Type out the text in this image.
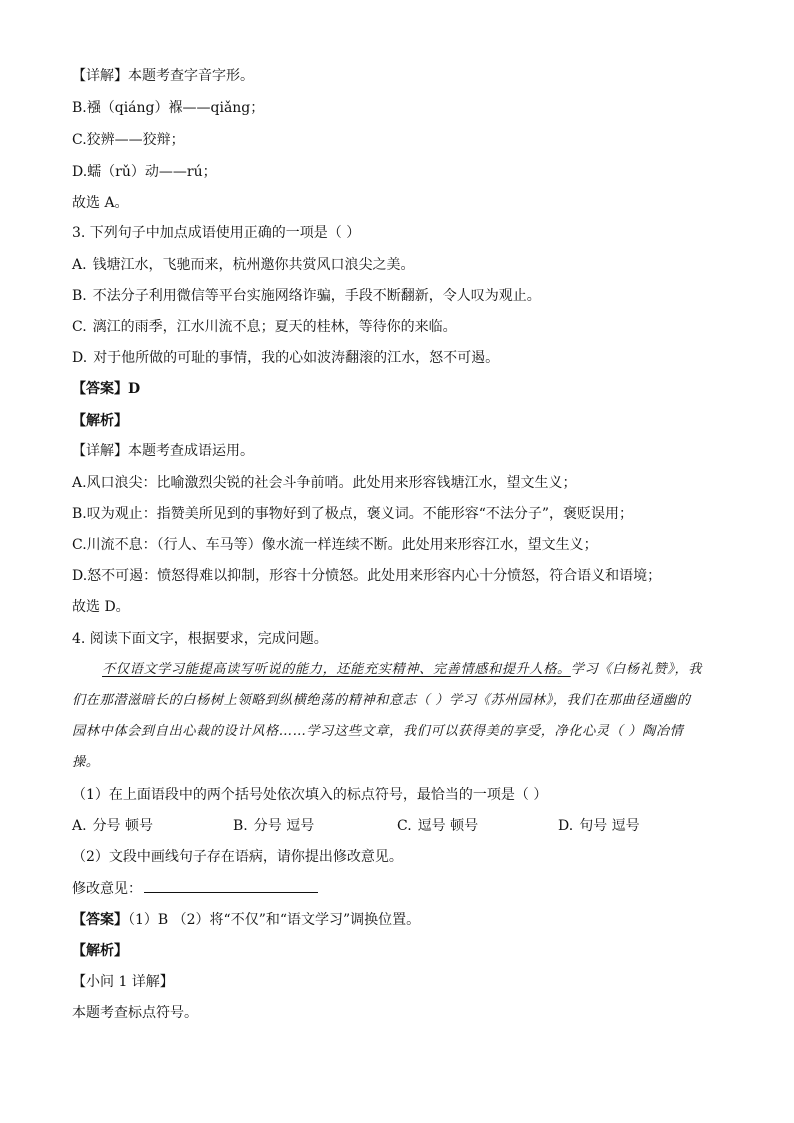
【详解】本题考查字音字形。
B.襁（qiáng）褓——qiǎng；
C.狡辨——狡辩；
D.蠕（rǔ）动——rú；
故选 A。
3. 下列句子中加点成语使用正确的一项是（ ）
A. 钱塘江水，飞驰而来，杭州邀你共赏风口浪尖之美。
B. 不法分子利用微信等平台实施网络诈骗，手段不断翻新，令人叹为观止。
C. 漓江的雨季，江水川流不息；夏天的桂林，等待你的来临。
D. 对于他所做的可耻的事情，我的心如波涛翻滚的江水，怒不可遏。
【答案】D
【解析】
【详解】本题考查成语运用。
A.风口浪尖：比喻激烈尖锐的社会斗争前哨。此处用来形容钱塘江水，望文生义；
B.叹为观止：指赞美所见到的事物好到了极点，褒义词。不能形容“不法分子”，褒贬误用；
C.川流不息：（行人、车马等）像水流一样连续不断。此处用来形容江水，望文生义；
D.怒不可遏：愤怒得难以抑制，形容十分愤怒。此处用来形容内心十分愤怒，符合语义和语境；
故选 D。
4. 阅读下面文字，根据要求，完成问题。
不仅语文学习能提高读写听说的能力，还能充实精神、完善情感和提升人格。学习《白杨礼赞》，我
们在那潜滋暗长的白杨树上领略到纵横绝荡的精神和意志（ ）学习《苏州园林》，我们在那曲径通幽的
园林中体会到自出心裁的设计风格……学习这些文章，我们可以获得美的享受，净化心灵（ ）陶冶情
操。
（1）在上面语段中的两个括号处依次填入的标点符号，最恰当的一项是（ ）
A. 分号 顿号	B. 分号 逗号	C. 逗号 顿号	D. 句号 逗号
（2）文段中画线句子存在语病，请你提出修改意见。
修改意见：
【答案】（1）B （2）将“不仅”和“语文学习”调换位置。
【解析】
【小问 1 详解】
本题考查标点符号。
